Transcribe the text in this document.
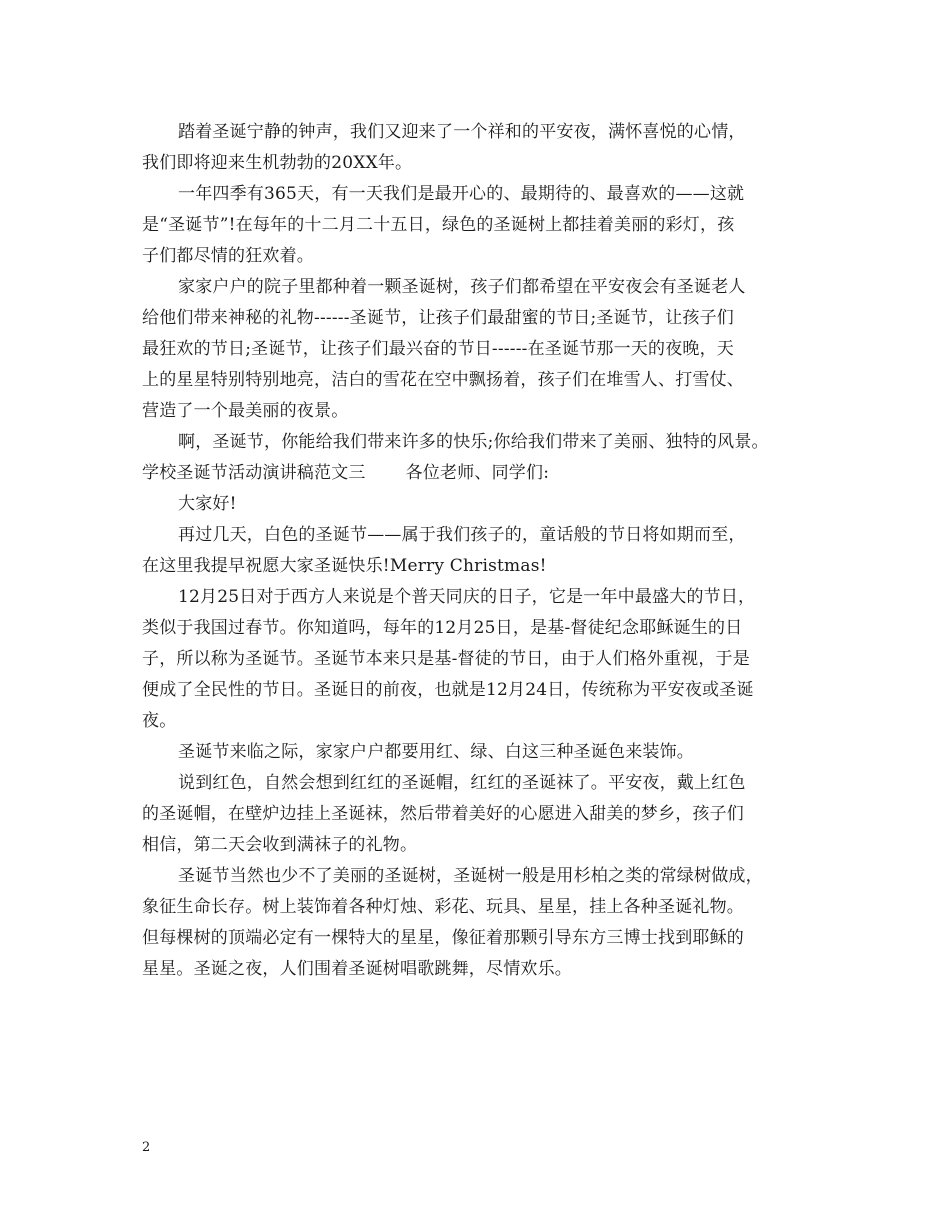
踏着圣诞宁静的钟声，我们又迎来了一个祥和的平安夜，满怀喜悦的心情，
我们即将迎来生机勃勃的20XX年。
一年四季有365天，有一天我们是最开心的、最期待的、最喜欢的——这就
是“圣诞节”!在每年的十二月二十五日，绿色的圣诞树上都挂着美丽的彩灯，孩
子们都尽情的狂欢着。
家家户户的院子里都种着一颗圣诞树，孩子们都希望在平安夜会有圣诞老人
给他们带来神秘的礼物------圣诞节，让孩子们最甜蜜的节日;圣诞节，让孩子们
最狂欢的节日;圣诞节，让孩子们最兴奋的节日------在圣诞节那一天的夜晚，天
上的星星特别特别地亮，洁白的雪花在空中飘扬着，孩子们在堆雪人、打雪仗、
营造了一个最美丽的夜景。
啊，圣诞节，你能给我们带来许多的快乐;你给我们带来了美丽、独特的风景。
学校圣诞节活动演讲稿范文三 各位老师、同学们:
大家好!
再过几天，白色的圣诞节——属于我们孩子的，童话般的节日将如期而至，
在这里我提早祝愿大家圣诞快乐!Merry Christmas!
12月25日对于西方人来说是个普天同庆的日子，它是一年中最盛大的节日，
类似于我国过春节。你知道吗，每年的12月25日，是基-督徒纪念耶稣诞生的日
子，所以称为圣诞节。圣诞节本来只是基-督徒的节日，由于人们格外重视，于是
便成了全民性的节日。圣诞日的前夜，也就是12月24日，传统称为平安夜或圣诞
夜。
圣诞节来临之际，家家户户都要用红、绿、白这三种圣诞色来装饰。
说到红色，自然会想到红红的圣诞帽，红红的圣诞袜了。平安夜，戴上红色
的圣诞帽，在壁炉边挂上圣诞袜，然后带着美好的心愿进入甜美的梦乡，孩子们
相信，第二天会收到满袜子的礼物。
圣诞节当然也少不了美丽的圣诞树，圣诞树一般是用杉柏之类的常绿树做成，
象征生命长存。树上装饰着各种灯烛、彩花、玩具、星星，挂上各种圣诞礼物。
但每棵树的顶端必定有一棵特大的星星，像征着那颗引导东方三博士找到耶稣的
星星。圣诞之夜，人们围着圣诞树唱歌跳舞，尽情欢乐。
2
